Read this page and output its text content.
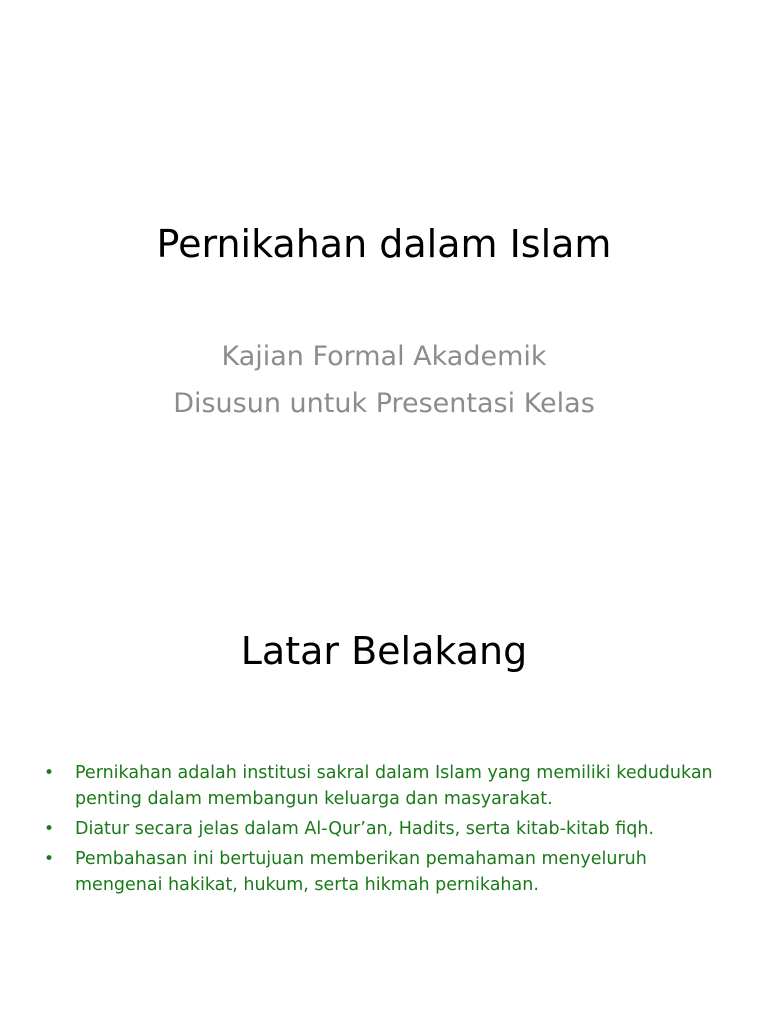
Pernikahan dalam Islam
Kajian Formal Akademik
Disusun untuk Presentasi Kelas
Latar Belakang
• Pernikahan adalah institusi sakral dalam Islam yang memiliki kedudukan penting dalam membangun keluarga dan masyarakat.
• Diatur secara jelas dalam Al-Qur’an, Hadits, serta kitab-kitab fiqh.
• Pembahasan ini bertujuan memberikan pemahaman menyeluruh mengenai hakikat, hukum, serta hikmah pernikahan.
